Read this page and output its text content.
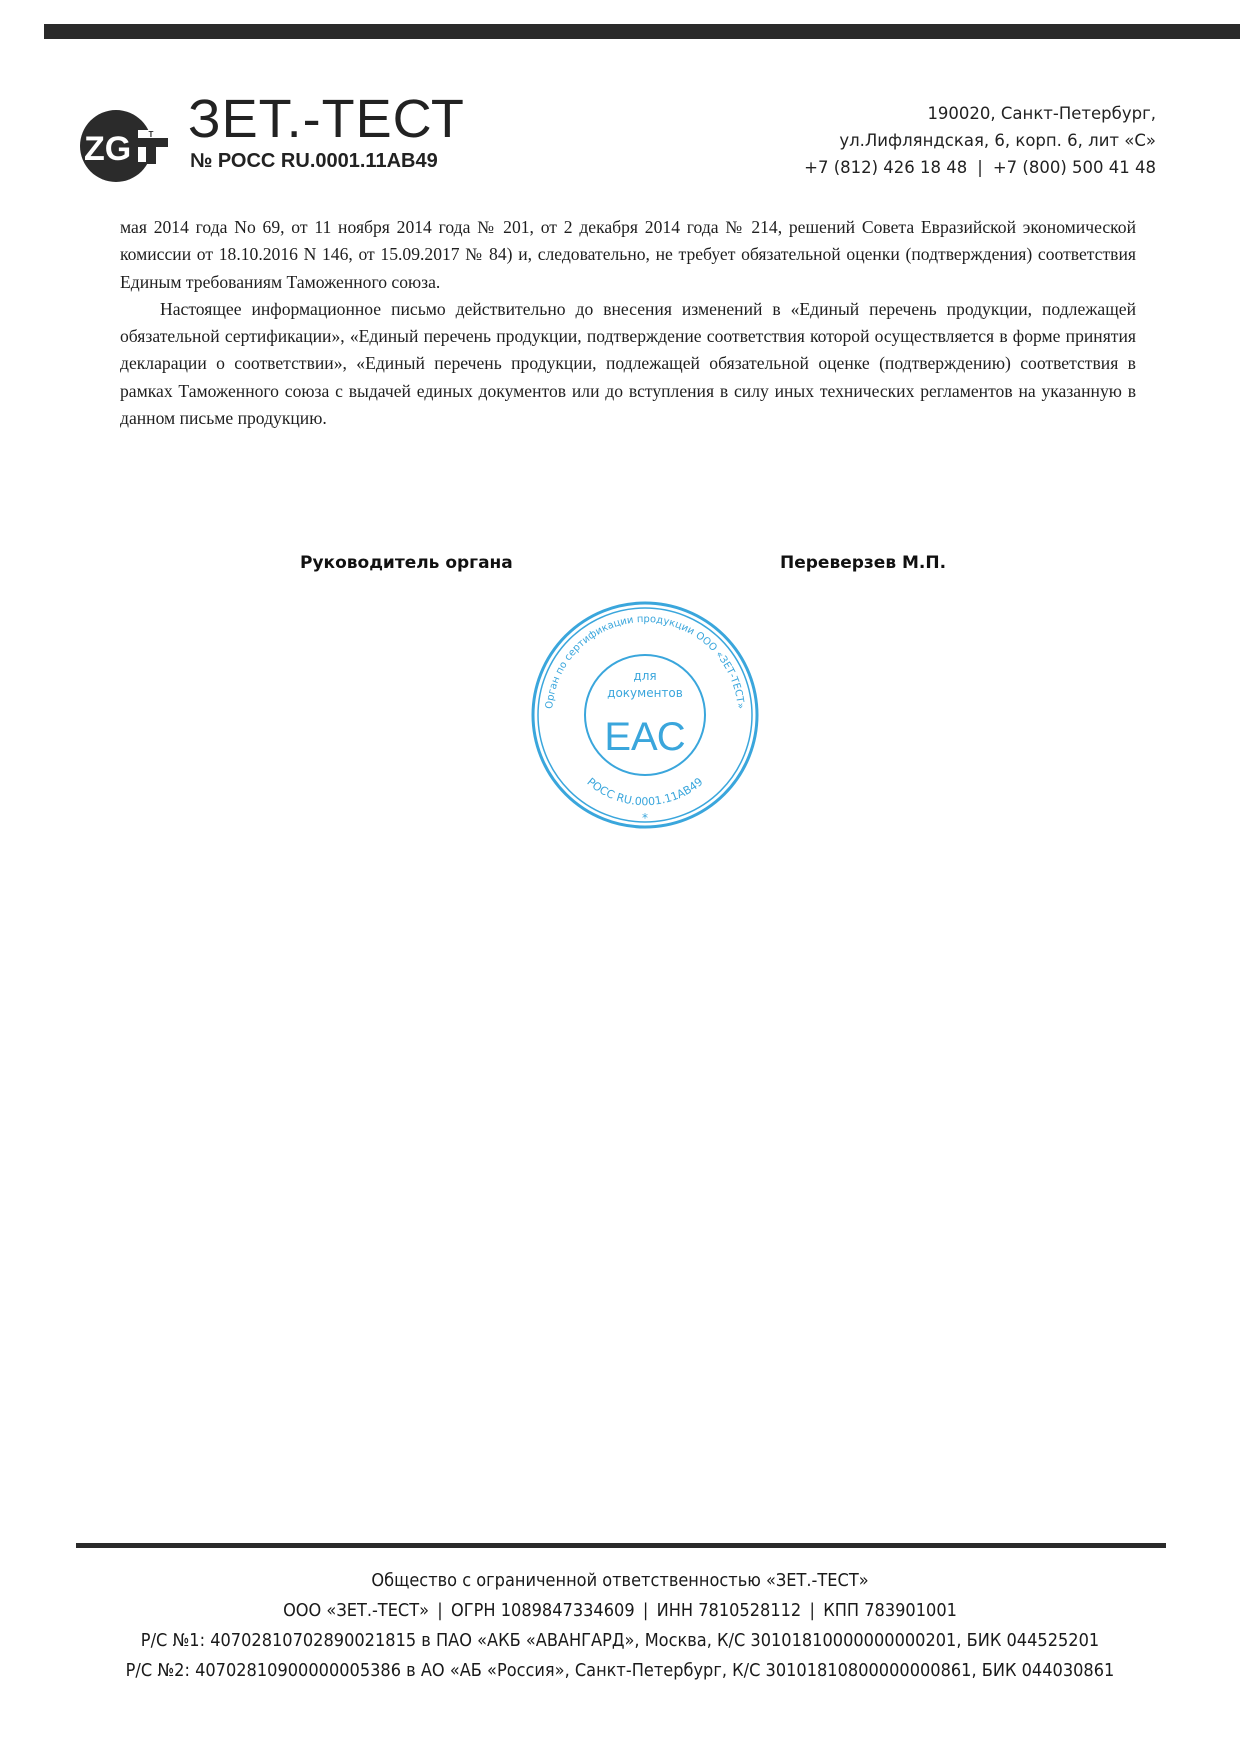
ZG T ЗЕТ.-ТЕСТ
№ РОСС RU.0001.11АВ49
190020, Санкт-Петербург,
ул.Лифляндская, 6, корп. 6, лит «С»
+7 (812) 426 18 48 | +7 (800) 500 41 48

мая 2014 года No 69, от 11 ноября 2014 года № 201, от 2 декабря 2014 года № 214, решений Совета Евразийской экономической комиссии от 18.10.2016 N 146, от 15.09.2017 № 84) и, следовательно, не требует обязательной оценки (подтверждения) соответствия Единым требованиям Таможенного союза.

Настоящее информационное письмо действительно до внесения изменений в «Единый перечень продукции, подлежащей обязательной сертификации», «Единый перечень продукции, подтверждение соответствия которой осуществляется в форме принятия декларации о соответствии», «Единый перечень продукции, подлежащей обязательной оценке (подтверждению) соответствия в рамках Таможенного союза с выдачей единых документов или до вступления в силу иных технических регламентов на указанную в данном письме продукцию.

Руководитель органа	Переверзев М.П.
Орган по сертификации продукции ООО «ЗЕТ-ТЕСТ»
РОСС RU.0001.11АВ49
для
документов
ЕАС
*
Общество с ограниченной ответственностью «ЗЕТ.-ТЕСТ»
ООО «ЗЕТ.-ТЕСТ» | ОГРН 1089847334609 | ИНН 7810528112 | КПП 783901001
Р/С №1: 40702810702890021815 в ПАО «АКБ «АВАНГАРД», Москва, К/С 30101810000000000201, БИК 044525201
Р/С №2: 40702810900000005386 в АО «АБ «Россия», Санкт-Петербург, К/С 30101810800000000861, БИК 044030861
